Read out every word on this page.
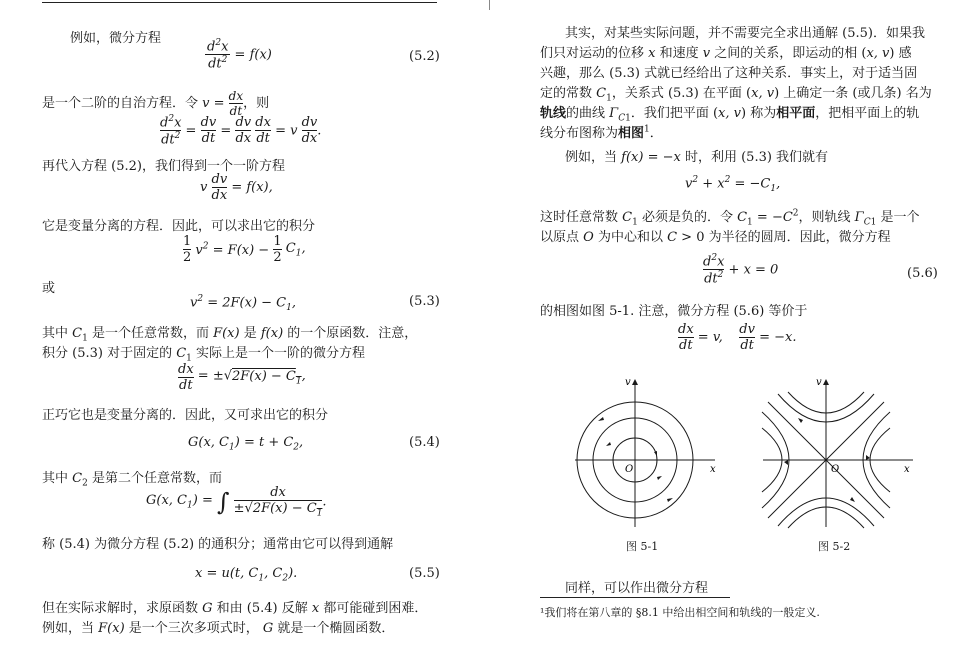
例如，微分方程	$\frac{d^2x}{dt^2} = f(x)$	(5.2)
是一个二阶的自治方程．令 $v = \frac{dx}{dt}$ ，则
$\frac{d^2x}{dt^2} = \frac{dv}{dt} = \frac{dv}{dx}$
$\frac{dx}{dt} = v \frac{dv}{dx}$ .
再代入方程 (5.2)，我们得到一个一阶方程
v $\frac{dv}{dx} = f(x)$,
它是变量分离的方程．因此，可以求出它的积分
$\frac{1}{2} v^2 = F(x) - \frac{1}{2} C_1$,
或
$v^2 = 2F(x) - C_1$,	(5.3)
其中 $C_1$ 是一个任意常数，而 F(x) 是 f(x) 的一个原函数．注意，
积分 (5.3) 对于固定的 $C_1$ 实际上是一个一阶的微分方程
$\frac{dx}{dt} = \pm√2F(x) - C_1$,
正巧它也是变量分离的．因此，又可求出它的积分
G(x, $C_1) = t + C_2$,	(5.4)
其中 $C_2$ 是第二个任意常数，而
G(x, $C_1$) = ∫ $\frac{dx}{\pm√2F(x) - C_1}$ .
称 (5.4) 为微分方程 (5.2) 的通积分；通常由它可以得到通解
x = u(t, $C_1$, $C_2$).	(5.5)
但在实际求解时，求原函数 G 和由 (5.4) 反解 x 都可能碰到困难．
例如，当 F(x) 是一个三次多项式时， G 就是一个椭圆函数．
其实，对某些实际问题，并不需要完全求出通解 (5.5)．如果我
们只对运动的位移 x 和速度 v 之间的关系，即运动的相 (x, v) 感
兴趣，那么 (5.3) 式就已经给出了这种关系．事实上，对于适当固
定的常数 $C_1$，关系式 (5.3) 在平面 (x, v) 上确定一条 (或几条) 名为
轨线的曲线 $\Gamma_{C1}$．我们把平面 (x, v) 称为相平面，把相平面上的轨
线分布图称为相图$^1$．
例如，当 f(x) = −x 时，利用 (5.3) 我们就有
$v^2 + x^2 = -C_1$,
这时任意常数 $C_1$ 必须是负的．令 $C_1 = -C^2$，则轨线 $\Gamma_{C1}$ 是一个
以原点 O 为中心和以 C > 0 为半径的圆周．因此，微分方程
$\frac{d^2x}{dt^2} + x = 0$	(5.6)
的相图如图 5-1. 注意，微分方程 (5.6) 等价于
$\frac{dx}{dt} = v$, $\frac{dv}{dt} = -x$.
v
x
O
v
x
O
图 5-1	图 5-2
同样，可以作出微分方程
¹我们将在第八章的 §8.1 中给出相空间和轨线的一般定义.
